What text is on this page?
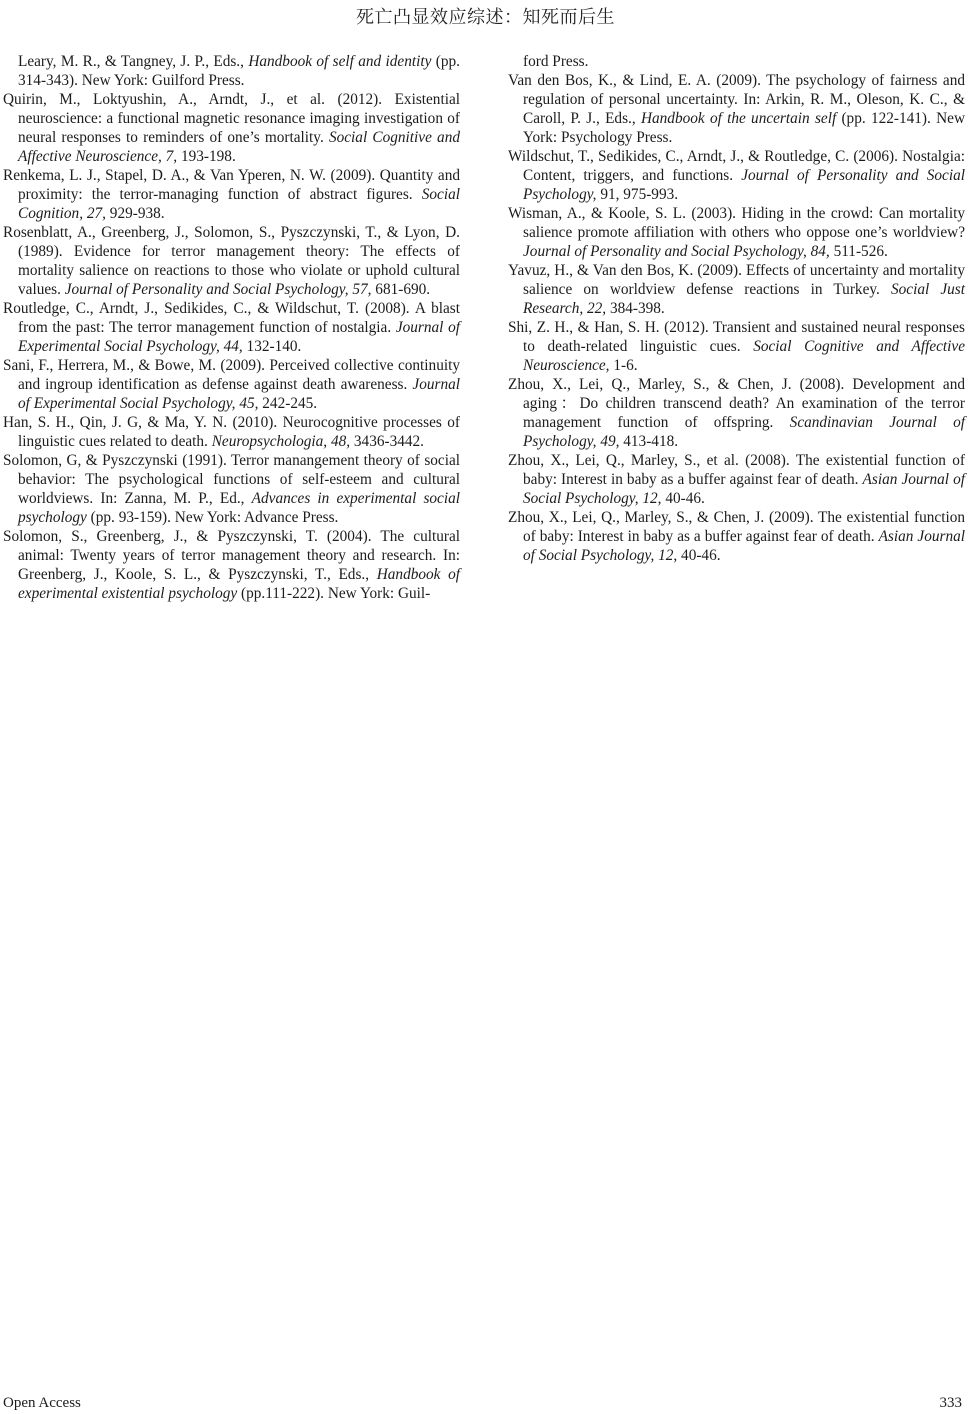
死亡凸显效应综述：知死而后生

Leary, M. R., & Tangney, J. P., Eds., Handbook of self and identity (pp. 314-343). New York: Guilford Press.

Quirin, M., Loktyushin, A., Arndt, J., et al. (2012). Existential neuroscience: a functional magnetic resonance imaging investigation of neural responses to reminders of one’s mortality. Social Cognitive and Affective Neuroscience, 7, 193-198.

Renkema, L. J., Stapel, D. A., & Van Yperen, N. W. (2009). Quantity and proximity: the terror-managing function of abstract figures. Social Cognition, 27, 929-938.

Rosenblatt, A., Greenberg, J., Solomon, S., Pyszczynski, T., & Lyon, D. (1989). Evidence for terror management theory: The effects of mortality salience on reactions to those who violate or uphold cultural values. Journal of Personality and Social Psychology, 57, 681-690.

Routledge, C., Arndt, J., Sedikides, C., & Wildschut, T. (2008). A blast from the past: The terror management function of nostalgia. Journal of Experimental Social Psychology, 44, 132-140.

Sani, F., Herrera, M., & Bowe, M. (2009). Perceived collective continuity and ingroup identification as defense against death awareness. Journal of Experimental Social Psychology, 45, 242-245.

Han, S. H., Qin, J. G, & Ma, Y. N. (2010). Neurocognitive processes of linguistic cues related to death. Neuropsychologia, 48, 3436-3442.

Solomon, G, & Pyszczynski (1991). Terror manangement theory of social behavior: The psychological functions of self-esteem and cultural worldviews. In: Zanna, M. P., Ed., Advances in experimental social psychology (pp. 93-159). New York: Advance Press.

Solomon, S., Greenberg, J., & Pyszczynski, T. (2004). The cultural animal: Twenty years of terror management theory and research. In: Greenberg, J., Koole, S. L., & Pyszczynski, T., Eds., Handbook of experimental existential psychology (pp.111-222). New York: Guil-

ford Press.

Van den Bos, K., & Lind, E. A. (2009). The psychology of fairness and regulation of personal uncertainty. In: Arkin, R. M., Oleson, K. C., & Caroll, P. J., Eds., Handbook of the uncertain self (pp. 122-141). New York: Psychology Press.

Wildschut, T., Sedikides, C., Arndt, J., & Routledge, C. (2006). Nostalgia: Content, triggers, and functions. Journal of Personality and Social Psychology, 91, 975-993.

Wisman, A., & Koole, S. L. (2003). Hiding in the crowd: Can mortality salience promote affiliation with others who oppose one’s worldview? Journal of Personality and Social Psychology, 84, 511-526.

Yavuz, H., & Van den Bos, K. (2009). Effects of uncertainty and mortality salience on worldview defense reactions in Turkey. Social Just Research, 22, 384-398.

Shi, Z. H., & Han, S. H. (2012). Transient and sustained neural responses to death-related linguistic cues. Social Cognitive and Affective Neuroscience, 1-6.

Zhou, X., Lei, Q., Marley, S., & Chen, J. (2008). Development and aging：Do children transcend death? An examination of the terror management function of offspring. Scandinavian Journal of Psychology, 49, 413-418.

Zhou, X., Lei, Q., Marley, S., et al. (2008). The existential function of baby: Interest in baby as a buffer against fear of death. Asian Journal of Social Psychology, 12, 40-46.

Zhou, X., Lei, Q., Marley, S., & Chen, J. (2009). The existential function of baby: Interest in baby as a buffer against fear of death. Asian Journal of Social Psychology, 12, 40-46.

Open Access	333
